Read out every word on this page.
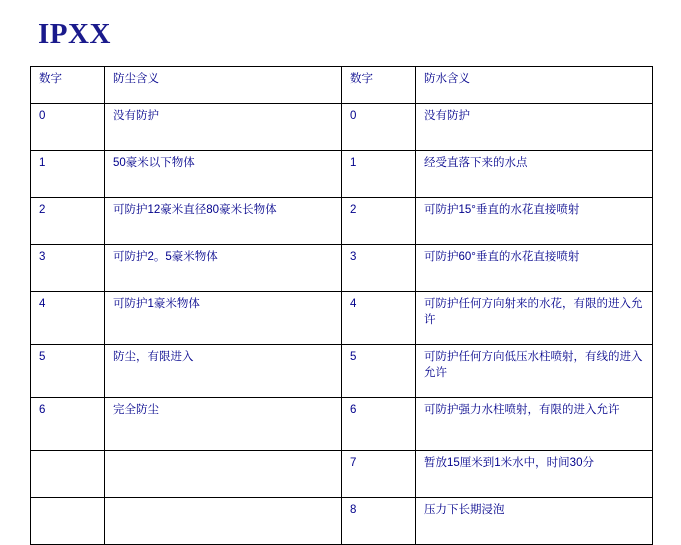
IPXX
数字	防尘含义	数字	防水含义
0	没有防护	0	没有防护
1	50豪米以下物体	1	经受直落下来的水点
2	可防护12豪米直径80豪米长物体	2	可防护15°垂直的水花直接喷射
3	可防护2。5豪米物体	3	可防护60°垂直的水花直接喷射
4	可防护1豪米物体	4	可防护任何方向射来的水花，有限的进入允许
5	防尘，有限进入	5	可防护任何方向低压水柱喷射，有线的进入允许
6	完全防尘	6	可防护强力水柱喷射，有限的进入允许
		7	暂放15厘米到1米水中，时间30分
		8	压力下长期浸泡
